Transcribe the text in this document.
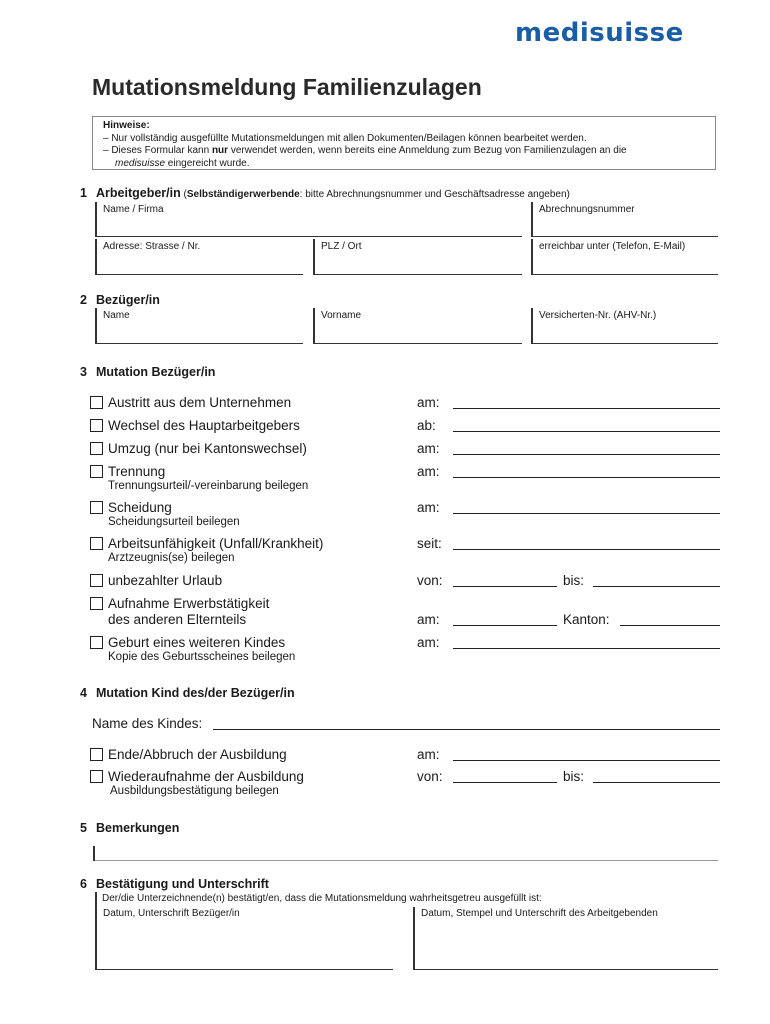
medisuisse
Mutationsmeldung Familienzulagen
Hinweise:
– Nur vollständig ausgefüllte Mutationsmeldungen mit allen Dokumenten/Beilagen können bearbeitet werden.
– Dieses Formular kann nur verwendet werden, wenn bereits eine Anmeldung zum Bezug von Familienzulagen an die
medisuisse eingereicht wurde.
1 Arbeitgeber/in (Selbständigerwerbende: bitte Abrechnungsnummer und Geschäftsadresse angeben)
Name / Firma	Abrechnungsnummer
Adresse: Strasse / Nr.	PLZ / Ort	erreichbar unter (Telefon, E-Mail)
2 Bezüger/in
Name	Vorname	Versicherten-Nr. (AHV-Nr.)
3 Mutation Bezüger/in
Austritt aus dem Unternehmen	am:
Wechsel des Hauptarbeitgebers	ab:
Umzug (nur bei Kantonswechsel)	am:
Trennung
Trennungsurteil/-vereinbarung beilegen
am:
Scheidung
Scheidungsurteil beilegen
am:
Arbeitsunfähigkeit (Unfall/Krankheit)
Arztzeugnis(se) beilegen
seit:
unbezahlter Urlaub	von:	bis:
Aufnahme Erwerbstätigkeit
des anderen Elternteils	am:	Kanton:
Geburt eines weiteren Kindes
Kopie des Geburtsscheines beilegen
am:
4 Mutation Kind des/der Bezüger/in
Name des Kindes:
Ende/Abbruch der Ausbildung	am:
Wiederaufnahme der Ausbildung
Ausbildungsbestätigung beilegen
von:	bis:
5 Bemerkungen
6 Bestätigung und Unterschrift
Der/die Unterzeichnende(n) bestätigt/en, dass die Mutationsmeldung wahrheitsgetreu ausgefüllt ist:
Datum, Unterschrift Bezüger/in	Datum, Stempel und Unterschrift des Arbeitgebenden
